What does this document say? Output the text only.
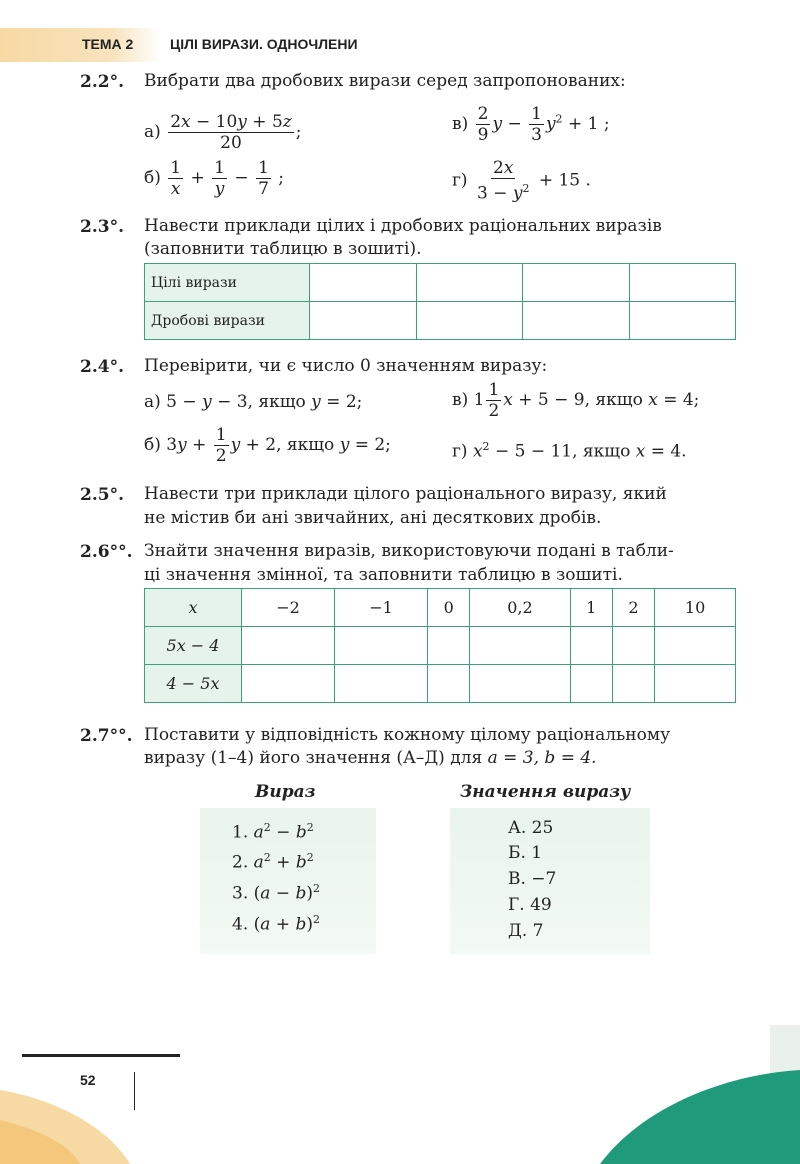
ТЕМА 2	ЦІЛІ ВИРАЗИ. ОДНОЧЛЕНИ
2.2°. Вибрати два дробових вирази серед запропонованих:
$а) \frac{2x - 10y + 5z}{20}$ ;	$в) \frac{2}{9}$ $y - \frac{1}{3} y^2 + 1$ ;
$б) \frac{1}{x} + \frac{1}{y} - \frac{1}{7}$ ;	$г) \frac{2x}{3 - y^2} + 15$ .
2.3°. Навести приклади цілих і дробових раціональних виразів
(заповнити таблицю в зошиті).
Цілі вирази				
Дробові вирази				
2.4°. Перевірити, чи є число 0 значенням виразу:
а) 5 − y − 3, якщо y = 2;	в) $1 \frac{1}{2}$ x + 5 − 9, якщо x = 4;
б) $3y + \frac{1}{2}$ y + 2, якщо y = 2;	г) $x^2 - 5 - 11$, якщо x = 4.
2.5°. Навести три приклади цілого раціонального виразу, який
не містив би ані звичайних, ані десяткових дробів.
2.6°°. Знайти значення виразів, використовуючи подані в табли-
ці значення змінної, та заповнити таблицю в зошиті.
x	−2	−1	0	0,2	1	2	10
5x − 4							
4 − 5x							
2.7°°. Поставити у відповідність кожному цілому раціональному
виразу (1–4) його значення (А–Д) для a = 3, b = 4.
Вираз	Значення виразу
1. $a^2 - b^2$
2. $a^2 + b^2$
3. $(a - b)^2$
4. $(a + b)^2$
А. 25
Б. 1
В. −7
Г. 49
Д. 7
52
